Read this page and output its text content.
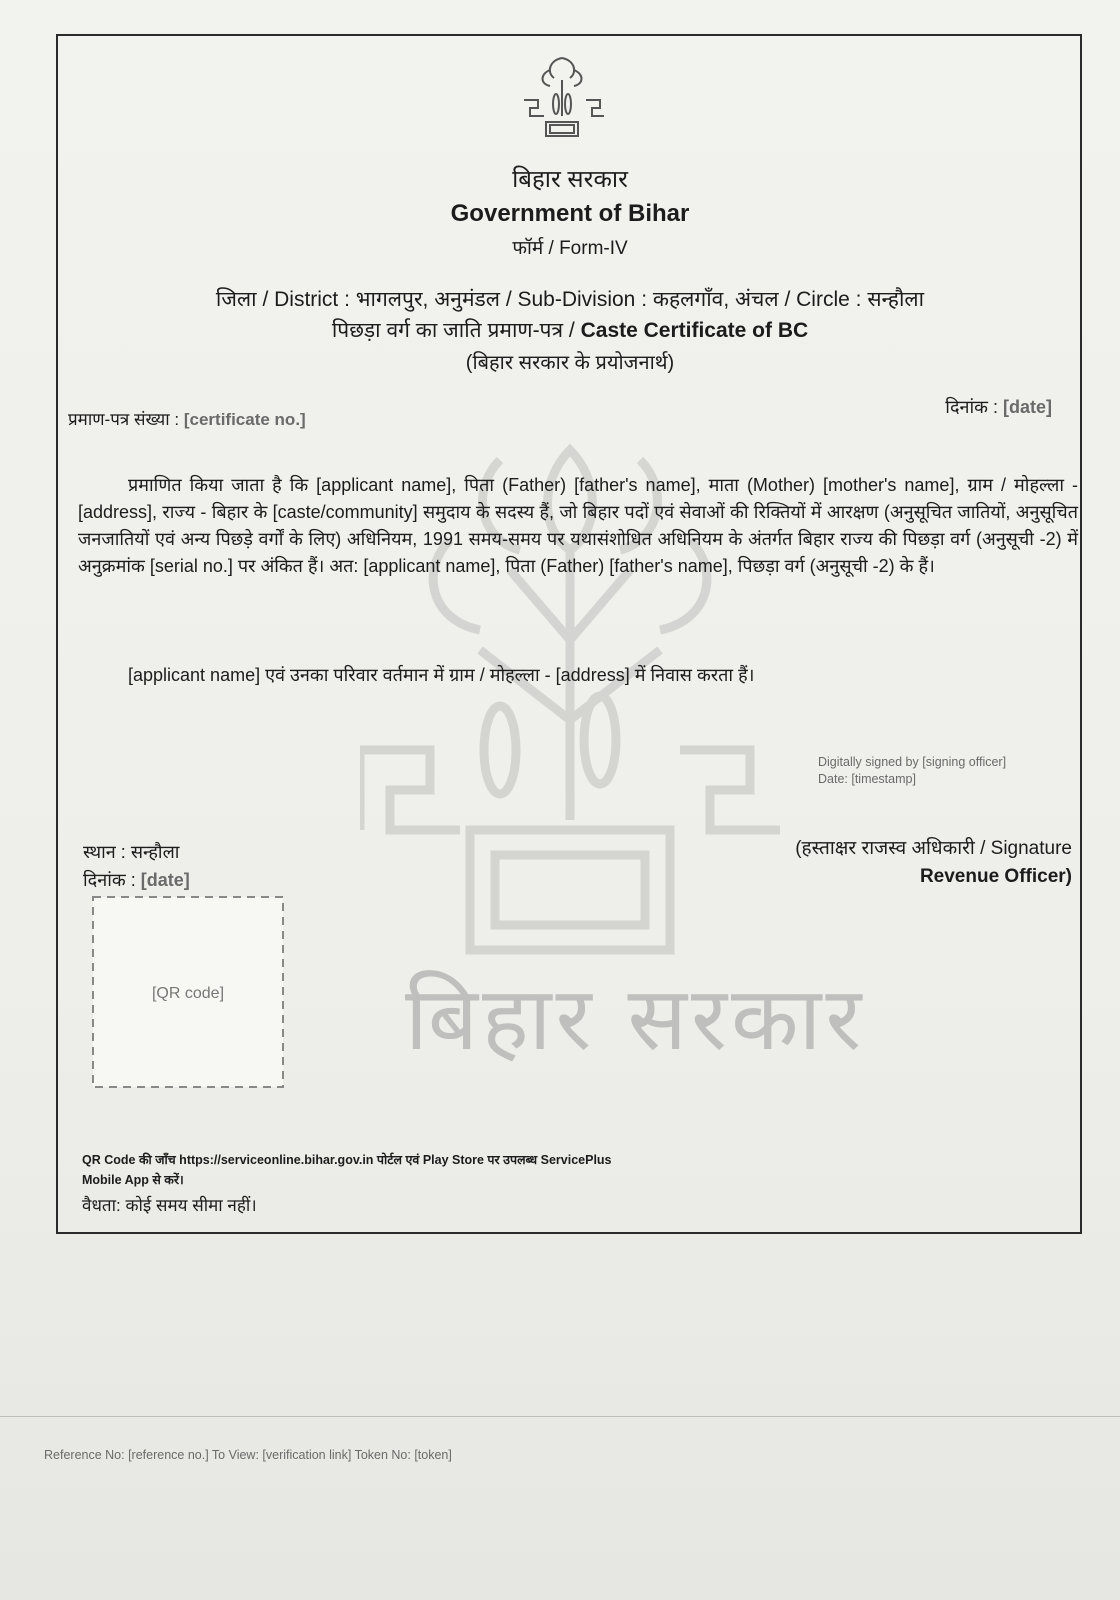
बिहार सरकार
बिहार सरकार
Government of Bihar
फॉर्म / Form-IV
जिला / District : भागलपुर, अनुमंडल / Sub-Division : कहलगाँव, अंचल / Circle : सन्हौला
पिछड़ा वर्ग का जाति प्रमाण-पत्र / Caste Certificate of BC
(बिहार सरकार के प्रयोजनार्थ)
प्रमाण-पत्र संख्या : [certificate no.]
दिनांक : [date]
प्रमाणित किया जाता है कि [applicant name], पिता (Father) [father's name], माता (Mother) [mother's name], ग्राम / मोहल्ला - [address], राज्य - बिहार के [caste/community] समुदाय के सदस्य हैं, जो बिहार पदों एवं सेवाओं की रिक्तियों में आरक्षण (अनुसूचित जातियों, अनुसूचित जनजातियों एवं अन्य पिछड़े वर्गों के लिए) अधिनियम, 1991 समय-समय पर यथासंशोधित अधिनियम के अंतर्गत बिहार राज्य की पिछड़ा वर्ग (अनुसूची -2) में अनुक्रमांक [serial no.] पर अंकित हैं। अत: [applicant name], पिता (Father) [father's name], पिछड़ा वर्ग (अनुसूची -2) के हैं।
[applicant name] एवं उनका परिवार वर्तमान में ग्राम / मोहल्ला - [address] में निवास करता हैं।
Digitally signed by [signing officer]
Date: [timestamp]
स्थान : सन्हौला
दिनांक : [date]
(हस्ताक्षर राजस्व अधिकारी / Signature
Revenue Officer)
[QR code]
QR Code की जाँच https://serviceonline.bihar.gov.in पोर्टल एवं Play Store पर उपलब्ध ServicePlus
Mobile App से करें।
वैधता: कोई समय सीमा नहीं।
Reference No: [reference no.] To View: [verification link] Token No: [token]
